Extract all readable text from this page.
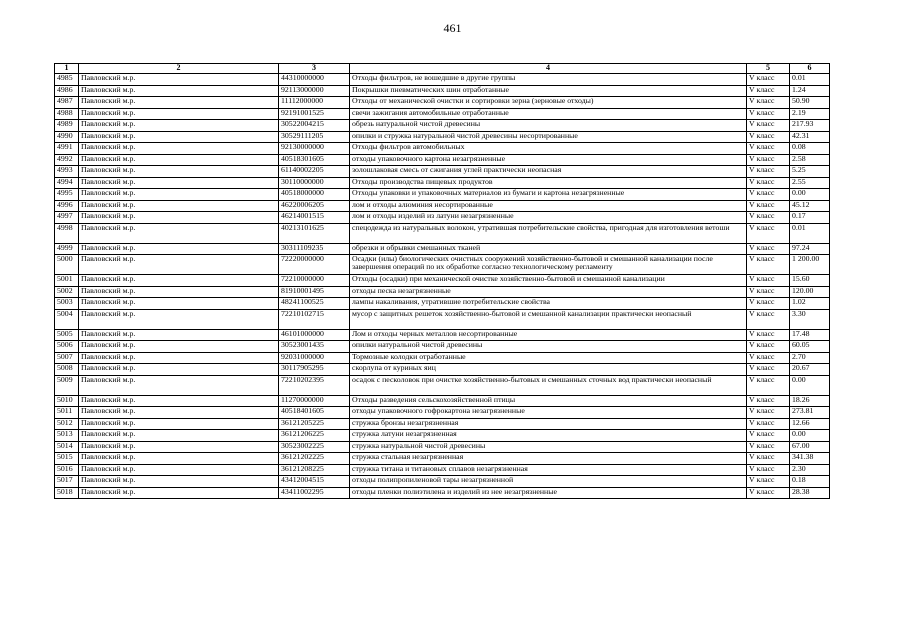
461
1	2	3	4	5	6
4985	Павловский м.р.	44310000000	Отходы фильтров, не вошедшие в другие группы	V класс	0.01
4986	Павловский м.р.	92113000000	Покрышки пневматических шин отработанные	V класс	1.24
4987	Павловский м.р.	11112000000	Отходы от механической очистки и сортировки зерна (зерновые отходы)	V класс	50.90
4988	Павловский м.р.	92191001525	свечи зажигания автомобильные отработанные	V класс	2.19
4989	Павловский м.р.	30522004215	обрезь натуральной чистой древесины	V класс	217.93
4990	Павловский м.р.	30529111205	опилки и стружка натуральной чистой древесины несортированные	V класс	42.31
4991	Павловский м.р.	92130000000	Отходы фильтров автомобильных	V класс	0.08
4992	Павловский м.р.	40518301605	отходы упаковочного картона незагрязненные	V класс	2.58
4993	Павловский м.р.	61140002205	золошлаковая смесь от сжигания углей практически неопасная	V класс	5.25
4994	Павловский м.р.	30110000000	Отходы производства пищевых продуктов	V класс	2.55
4995	Павловский м.р.	40518000000	Отходы упаковки и упаковочных материалов из бумаги и картона незагрязненные	V класс	0.00
4996	Павловский м.р.	46220006205	лом и отходы алюминия несортированные	V класс	45.12
4997	Павловский м.р.	46214001515	лом и отходы изделий из латуни незагрязненные	V класс	0.17
4998	Павловский м.р.	40213101625	спецодежда из натуральных волокон, утратившая потребительские свойства, пригодная для изготовления ветоши	V класс	0.01
4999	Павловский м.р.	30311109235	обрезки и обрывки смешанных тканей	V класс	97.24
5000	Павловский м.р.	72220000000	Осадки (илы) биологических очистных сооружений хозяйственно-бытовой и смешанной канализации после завершения операций по их обработке согласно технологическому регламенту	V класс	1 200.00
5001	Павловский м.р.	72210000000	Отходы (осадки) при механической очистке хозяйственно-бытовой и смешанной канализации	V класс	15.60
5002	Павловский м.р.	81910001495	отходы песка незагрязненные	V класс	120.00
5003	Павловский м.р.	48241100525	лампы накаливания, утратившие потребительские свойства	V класс	1.02
5004	Павловский м.р.	72210102715	мусор с защитных решеток хозяйственно-бытовой и смешанной канализации практически неопасный	V класс	3.30
5005	Павловский м.р.	46101000000	Лом и отходы черных металлов несортированные	V класс	17.48
5006	Павловский м.р.	30523001435	опилки натуральной чистой древесины	V класс	60.05
5007	Павловский м.р.	92031000000	Тормозные колодки отработанные	V класс	2.70
5008	Павловский м.р.	30117905295	скорлупа от куриных яиц	V класс	20.67
5009	Павловский м.р.	72210202395	осадок с песколовок при очистке хозяйственно-бытовых и смешанных сточных вод практически неопасный	V класс	0.00
5010	Павловский м.р.	11270000000	Отходы разведения сельскохозяйственной птицы	V класс	18.26
5011	Павловский м.р.	40518401605	отходы упаковочного гофрокартона незагрязненные	V класс	273.81
5012	Павловский м.р.	36121205225	стружка бронзы незагрязненная	V класс	12.66
5013	Павловский м.р.	36121206225	стружка латуни незагрязненная	V класс	0.00
5014	Павловский м.р.	30523002225	стружка натуральной чистой древесины	V класс	67.00
5015	Павловский м.р.	36121202225	стружка стальная незагрязненная	V класс	341.38
5016	Павловский м.р.	36121208225	стружка титана и титановых сплавов незагрязненная	V класс	2.30
5017	Павловский м.р.	43412004515	отходы полипропиленовой тары незагрязненной	V класс	0.18
5018	Павловский м.р.	43411002295	отходы пленки полиэтилена и изделий из нее незагрязненные	V класс	28.38
